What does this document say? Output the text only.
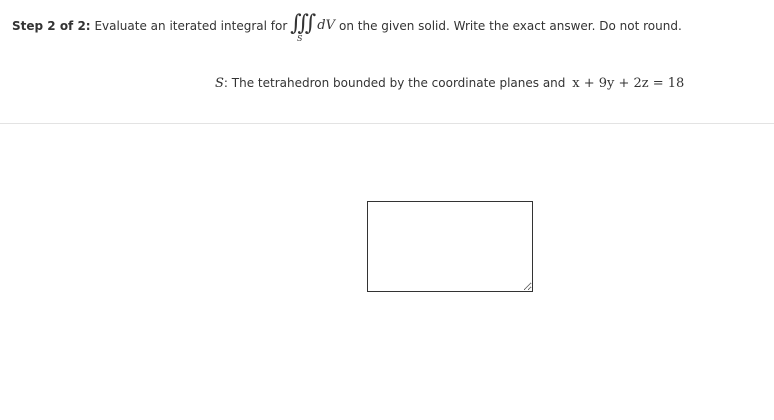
Step 2 of 2:
Evaluate an iterated integral for ∭
S
dV on the given solid. Write the exact answer. Do not round.
S: The tetrahedron bounded by the coordinate planes and x + 9y + 2z = 18
